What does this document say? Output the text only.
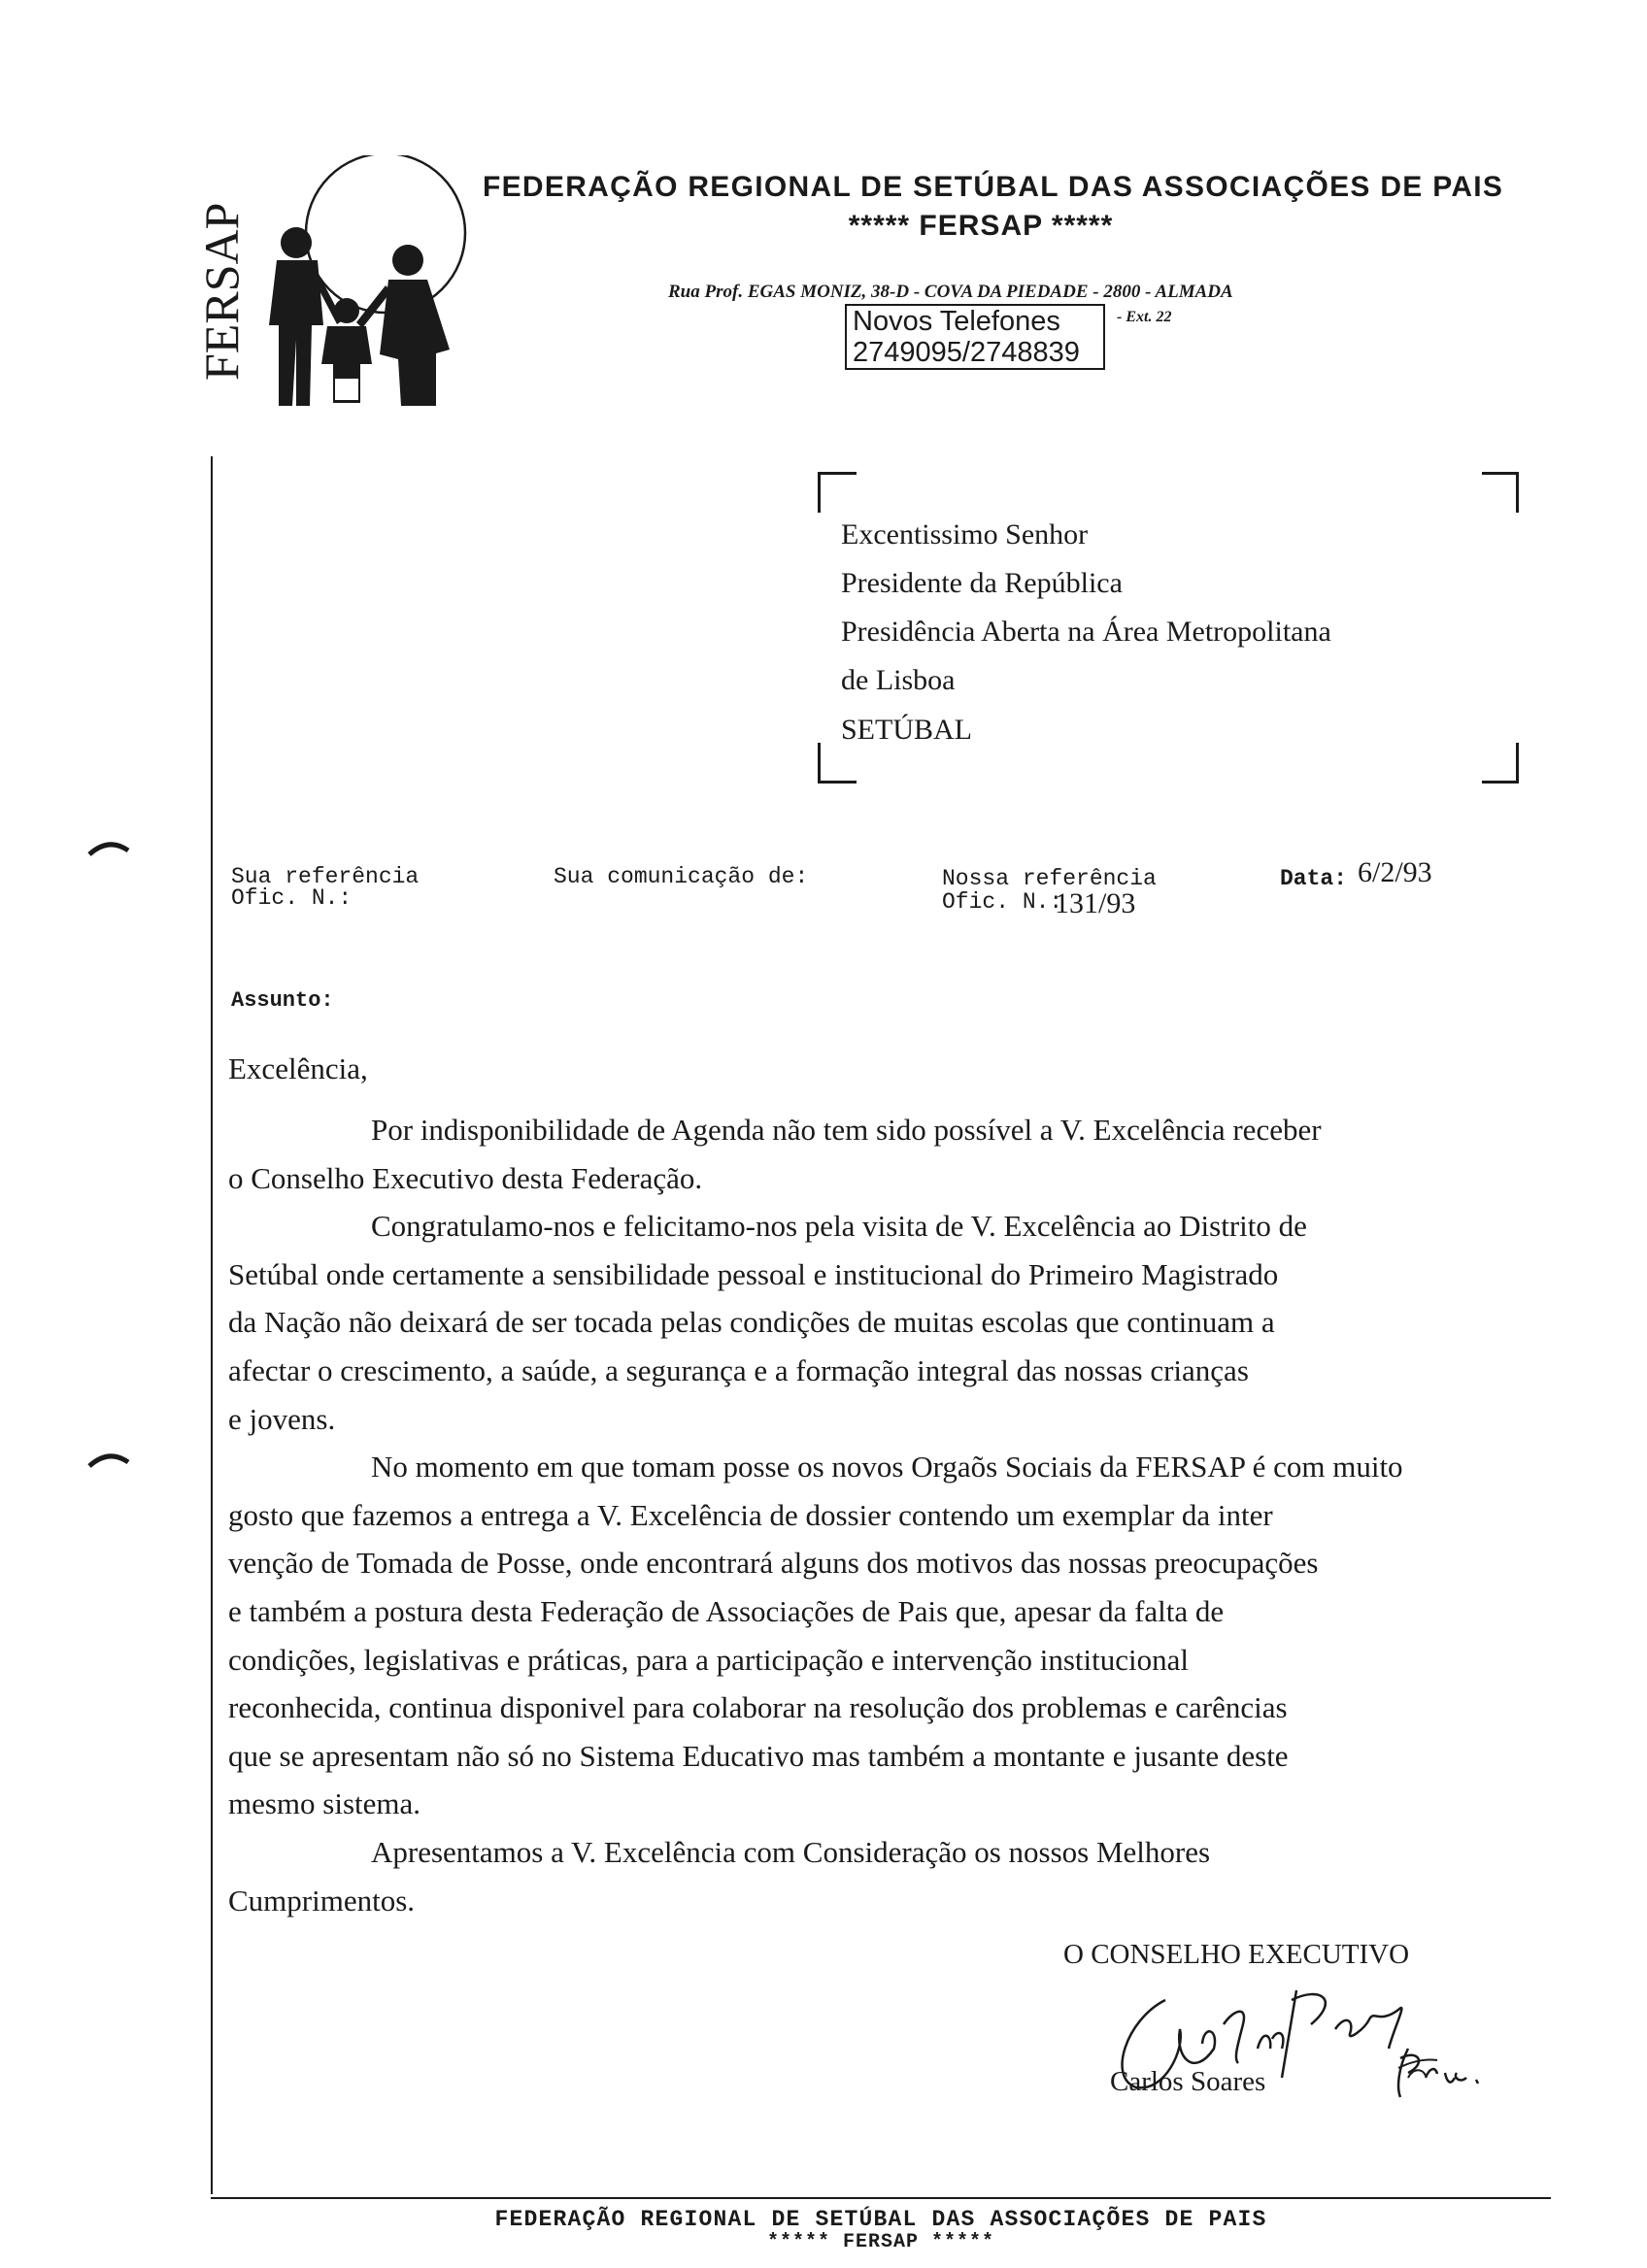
FERSAP
FEDERAÇÃO REGIONAL DE SETÚBAL DAS ASSOCIAÇÕES DE PAIS
***** FERSAP *****
Rua Prof. EGAS MONIZ, 38-D - COVA DA PIEDADE - 2800 - ALMADA
Novos Telefones
2749095/2748839
- Ext. 22
Excentissimo Senhor
Presidente da República
Presidência Aberta na Área Metropolitana
de Lisboa
SETÚBAL
Sua referência
Ofic. N.:
Sua comunicação de:	Nossa referência
Ofic. N.:
131/93
Data: 6/2/93
Assunto:
Excelência,
Por indisponibilidade de Agenda não tem sido possível a V. Excelência receber
o Conselho Executivo desta Federação.
Congratulamo-nos e felicitamo-nos pela visita de V. Excelência ao Distrito de
Setúbal onde certamente a sensibilidade pessoal e institucional do Primeiro Magistrado
da Nação não deixará de ser tocada pelas condições de muitas escolas que continuam a
afectar o crescimento, a saúde, a segurança e a formação integral das nossas crianças
e jovens.
No momento em que tomam posse os novos Orgaõs Sociais da FERSAP é com muito
gosto que fazemos a entrega a V. Excelência de dossier contendo um exemplar da inter
venção de Tomada de Posse, onde encontrará alguns dos motivos das nossas preocupações
e também a postura desta Federação de Associações de Pais que, apesar da falta de
condições, legislativas e práticas, para a participação e intervenção institucional
reconhecida, continua disponivel para colaborar na resolução dos problemas e carências
que se apresentam não só no Sistema Educativo mas também a montante e jusante deste
mesmo sistema.
Apresentamos a V. Excelência com Consideração os nossos Melhores
Cumprimentos.
O CONSELHO EXECUTIVO
Carlos Soares
FEDERAÇÃO REGIONAL DE SETÚBAL DAS ASSOCIAÇÕES DE PAIS
***** FERSAP *****
